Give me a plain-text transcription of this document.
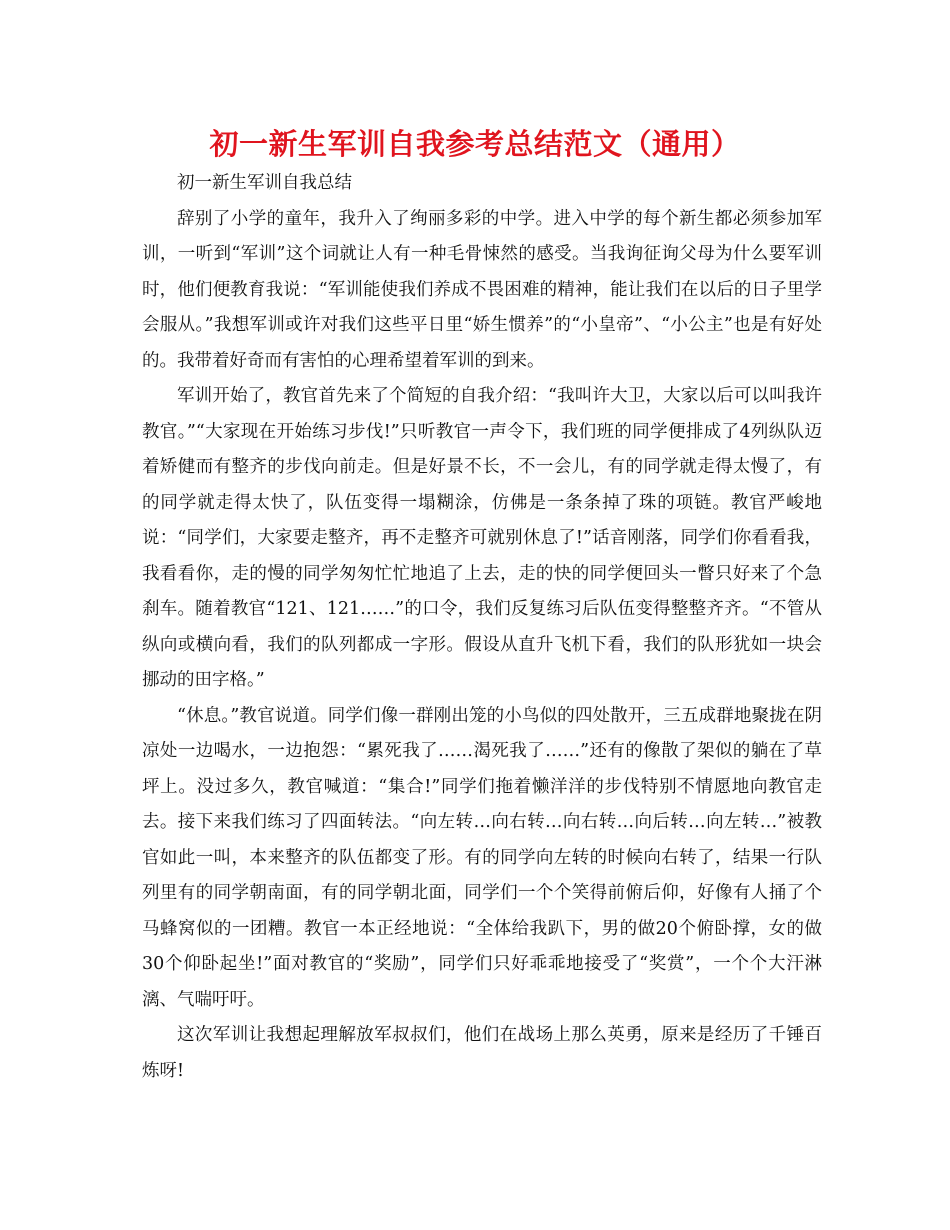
初一新生军训自我参考总结范文（通用）

初一新生军训自我总结

辞别了小学的童年，我升入了绚丽多彩的中学。进入中学的每个新生都必须参加军训，一听到“军训”这个词就让人有一种毛骨悚然的感受。当我询征询父母为什么要军训时，他们便教育我说：“军训能使我们养成不畏困难的精神，能让我们在以后的日子里学会服从。”我想军训或许对我们这些平日里“娇生惯养”的“小皇帝”、“小公主”也是有好处的。我带着好奇而有害怕的心理希望着军训的到来。

军训开始了，教官首先来了个简短的自我介绍：“我叫许大卫，大家以后可以叫我许教官。”“大家现在开始练习步伐!”只听教官一声令下，我们班的同学便排成了4列纵队迈着矫健而有整齐的步伐向前走。但是好景不长，不一会儿，有的同学就走得太慢了，有的同学就走得太快了，队伍变得一塌糊涂，仿佛是一条条掉了珠的项链。教官严峻地说：“同学们，大家要走整齐，再不走整齐可就别休息了!”话音刚落，同学们你看看我，我看看你，走的慢的同学匆匆忙忙地追了上去，走的快的同学便回头一瞥只好来了个急刹车。随着教官“121、121……”的口令，我们反复练习后队伍变得整整齐齐。“不管从纵向或横向看，我们的队列都成一字形。假设从直升飞机下看，我们的队形犹如一块会挪动的田字格。”

“休息。”教官说道。同学们像一群刚出笼的小鸟似的四处散开，三五成群地聚拢在阴凉处一边喝水，一边抱怨：“累死我了……渴死我了……”还有的像散了架似的躺在了草坪上。没过多久，教官喊道：“集合!”同学们拖着懒洋洋的步伐特别不情愿地向教官走去。接下来我们练习了四面转法。“向左转…向右转…向右转…向后转…向左转…”被教官如此一叫，本来整齐的队伍都变了形。有的同学向左转的时候向右转了，结果一行队列里有的同学朝南面，有的同学朝北面，同学们一个个笑得前俯后仰，好像有人捅了个马蜂窝似的一团糟。教官一本正经地说：“全体给我趴下，男的做20个俯卧撑，女的做30个仰卧起坐!”面对教官的“奖励”，同学们只好乖乖地接受了“奖赏”，一个个大汗淋漓、气喘吁吁。

这次军训让我想起理解放军叔叔们，他们在战场上那么英勇，原来是经历了千锤百炼呀!
